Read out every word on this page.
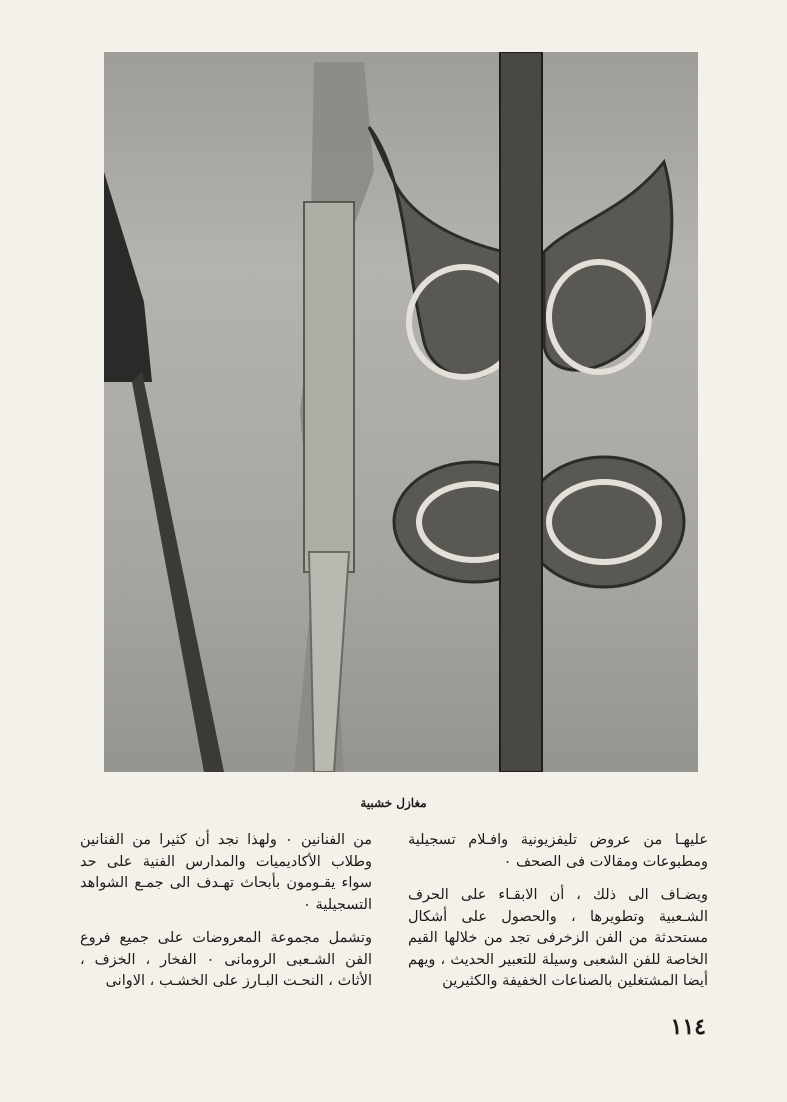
مغازل خشبية

عليهـا من عروض تليفزيونية وافـلام تسجيلية ومطبوعات ومقالات فى الصحف ٠

ويضـاف الى ذلك ، أن الابقـاء على الحرف الشـعبية وتطويرها ، والحصول على أشكال مستحدثة من الفن الزخرفى تجد من خلالها القيم الخاصة للفن الشعبى وسيلة للتعبير الحديث ، ويهم أيضا المشتغلين بالصناعات الخفيفة والكثيرين

من الفنانين ٠ ولهذا نجد أن كثيرا من الفنانين وطلاب الأكاديميات والمدارس الفنية على حد سواء يقـومون بأبحاث تهـدف الى جمـع الشواهد التسجيلية ٠

وتشمل مجموعة المعروضات على جميع فروع الفن الشـعبى الرومانى ٠ الفخار ، الخزف ، الأثاث ، النحـت البـارز على الخشـب ، الاوانى

١١٤
